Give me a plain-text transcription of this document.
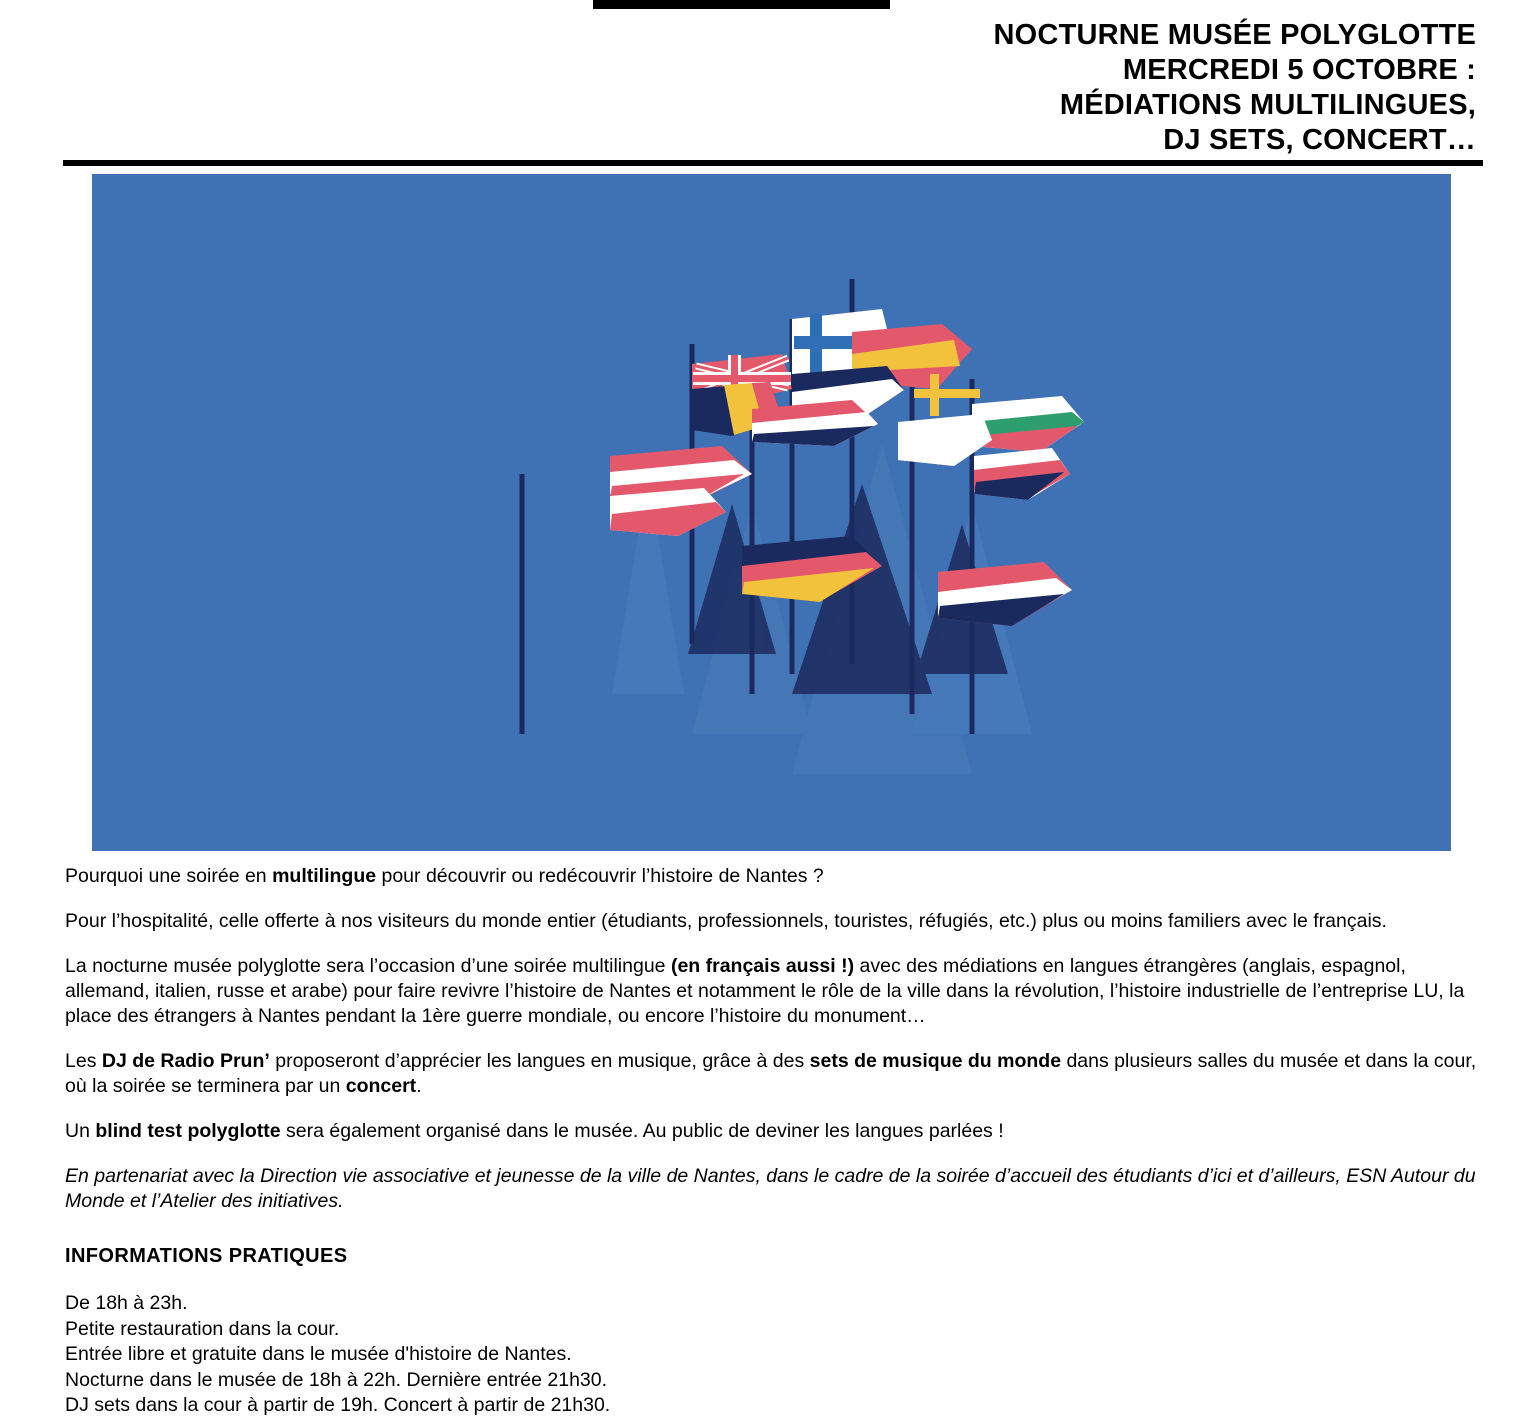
NOCTURNE MUSÉE POLYGLOTTE
MERCREDI 5 OCTOBRE :
MÉDIATIONS MULTILINGUES,
DJ SETS, CONCERT…

Pourquoi une soirée en multilingue pour découvrir ou redécouvrir l’histoire de Nantes ?

Pour l’hospitalité, celle offerte à nos visiteurs du monde entier (étudiants, professionnels, touristes, réfugiés, etc.) plus ou moins familiers avec le français.

La nocturne musée polyglotte sera l’occasion d’une soirée multilingue (en français aussi !) avec des médiations en langues étrangères (anglais, espagnol, allemand, italien, russe et arabe) pour faire revivre l’histoire de Nantes et notamment le rôle de la ville dans la révolution, l’histoire industrielle de l’entreprise LU, la place des étrangers à Nantes pendant la 1ère guerre mondiale, ou encore l’histoire du monument…

Les DJ de Radio Prun’ proposeront d’apprécier les langues en musique, grâce à des sets de musique du monde dans plusieurs salles du musée et dans la cour, où la soirée se terminera par un concert.

Un blind test polyglotte sera également organisé dans le musée. Au public de deviner les langues parlées !

En partenariat avec la Direction vie associative et jeunesse de la ville de Nantes, dans le cadre de la soirée d’accueil des étudiants d’ici et d’ailleurs, ESN Autour du Monde et l’Atelier des initiatives.

INFORMATIONS PRATIQUES
De 18h à 23h.
Petite restauration dans la cour.
Entrée libre et gratuite dans le musée d'histoire de Nantes.
Nocturne dans le musée de 18h à 22h. Dernière entrée 21h30.
DJ sets dans la cour à partir de 19h. Concert à partir de 21h30.
